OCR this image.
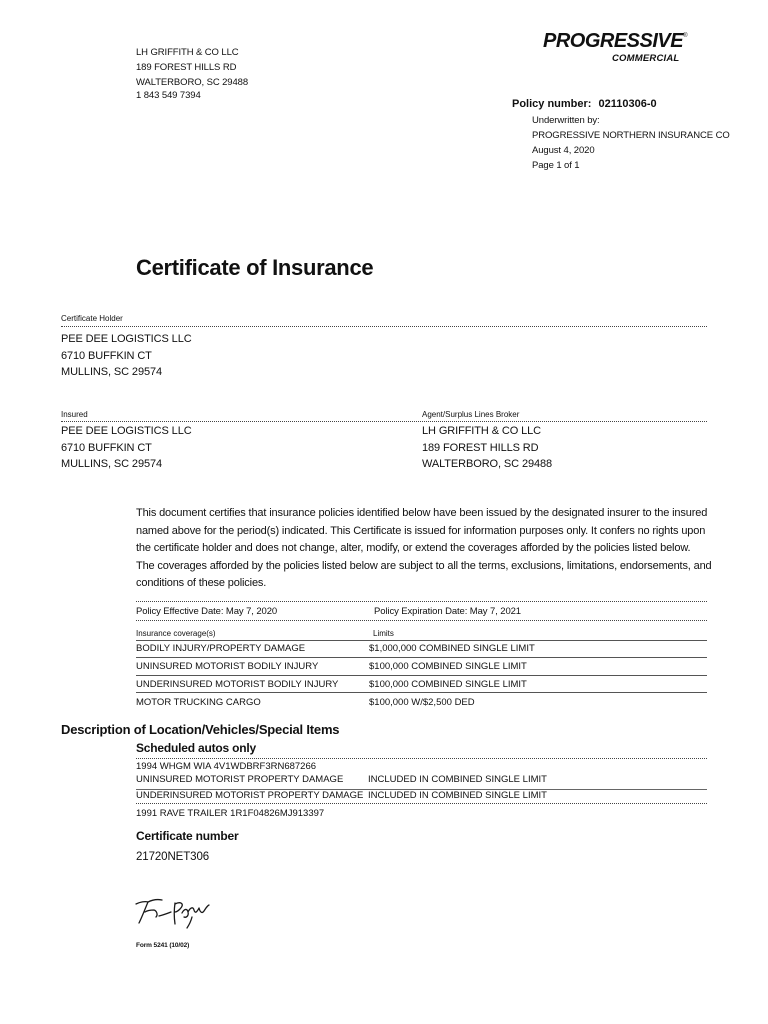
LH GRIFFITH & CO LLC
189 FOREST HILLS RD
WALTERBORO, SC 29488
1 843 549 7394
PROGRESSIVE®
COMMERCIAL
Policy number: 02110306-0
Underwritten by:
PROGRESSIVE NORTHERN INSURANCE CO
August 4, 2020
Page 1 of 1
Certificate of Insurance
Certificate Holder
PEE DEE LOGISTICS LLC
6710 BUFFKIN CT
MULLINS, SC 29574
Insured	Agent/Surplus Lines Broker
PEE DEE LOGISTICS LLC
6710 BUFFKIN CT
MULLINS, SC 29574
LH GRIFFITH & CO LLC
189 FOREST HILLS RD
WALTERBORO, SC 29488
This document certifies that insurance policies identified below have been issued by the designated insurer to the insured
named above for the period(s) indicated. This Certificate is issued for information purposes only. It confers no rights upon
the certificate holder and does not change, alter, modify, or extend the coverages afforded by the policies listed below.
The coverages afforded by the policies listed below are subject to all the terms, exclusions, limitations, endorsements, and
conditions of these policies.
Policy Effective Date: May 7, 2020	Policy Expiration Date: May 7, 2021
Insurance coverage(s)	Limits
BODILY INJURY/PROPERTY DAMAGE	$1,000,000 COMBINED SINGLE LIMIT
UNINSURED MOTORIST BODILY INJURY	$100,000 COMBINED SINGLE LIMIT
UNDERINSURED MOTORIST BODILY INJURY	$100,000 COMBINED SINGLE LIMIT
MOTOR TRUCKING CARGO	$100,000 W/$2,500 DED
Description of Location/Vehicles/Special Items
Scheduled autos only
1994 WHGM WIA 4V1WDBRF3RN687266
UNINSURED MOTORIST PROPERTY DAMAGE	INCLUDED IN COMBINED SINGLE LIMIT
UNDERINSURED MOTORIST PROPERTY DAMAGE INCLUDED IN COMBINED SINGLE LIMIT
1991 RAVE TRAILER 1R1F04826MJ913397
Certificate number
21720NET306
Form 5241 (10/02)
